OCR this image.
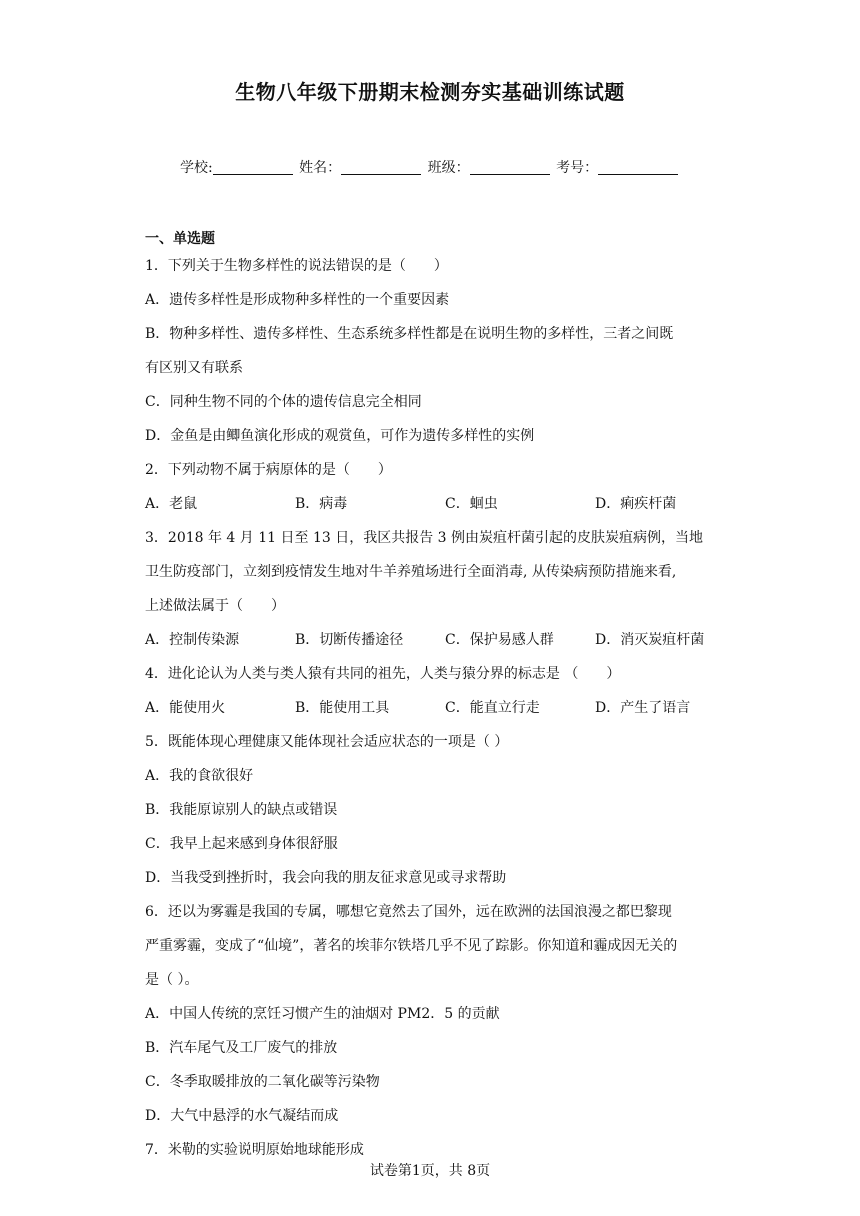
生物八年级下册期末检测夯实基础训练试题
学校:	姓名：	班级：	考号：
一、单选题
1．下列关于生物多样性的说法错误的是（　　）
A．遗传多样性是形成物种多样性的一个重要因素
B．物种多样性、遗传多样性、生态系统多样性都是在说明生物的多样性，三者之间既
有区别又有联系
C．同种生物不同的个体的遗传信息完全相同
D．金鱼是由鲫鱼演化形成的观赏鱼，可作为遗传多样性的实例
2．下列动物不属于病原体的是（　　）
A．老鼠	B．病毒	C．蛔虫	D．痢疾杆菌
3．2018 年 4 月 11 日至 13 日，我区共报告 3 例由炭疽杆菌引起的皮肤炭疽病例，当地
卫生防疫部门，立刻到疫情发生地对牛羊养殖场进行全面消毒, 从传染病预防措施来看,
上述做法属于（　　）
A．控制传染源	B．切断传播途径	C．保护易感人群	D．消灭炭疽杆菌
4．进化论认为人类与类人猿有共同的祖先，人类与猿分界的标志是 （　　）
A．能使用火	B．能使用工具	C．能直立行走	D．产生了语言
5．既能体现心理健康又能体现社会适应状态的一项是（ ）
A．我的食欲很好
B．我能原谅别人的缺点或错误
C．我早上起来感到身体很舒服
D．当我受到挫折时，我会向我的朋友征求意见或寻求帮助
6．还以为雾霾是我国的专属，哪想它竟然去了国外，远在欧洲的法国浪漫之都巴黎现
严重雾霾，变成了“仙境”，著名的埃菲尔铁塔几乎不见了踪影。你知道和霾成因无关的
是（ ）。
A．中国人传统的烹饪习惯产生的油烟对 PM2．5 的贡献
B．汽车尾气及工厂废气的排放
C．冬季取暖排放的二氧化碳等污染物
D．大气中悬浮的水气凝结而成
7．米勒的实验说明原始地球能形成
试卷第1页，共 8页
